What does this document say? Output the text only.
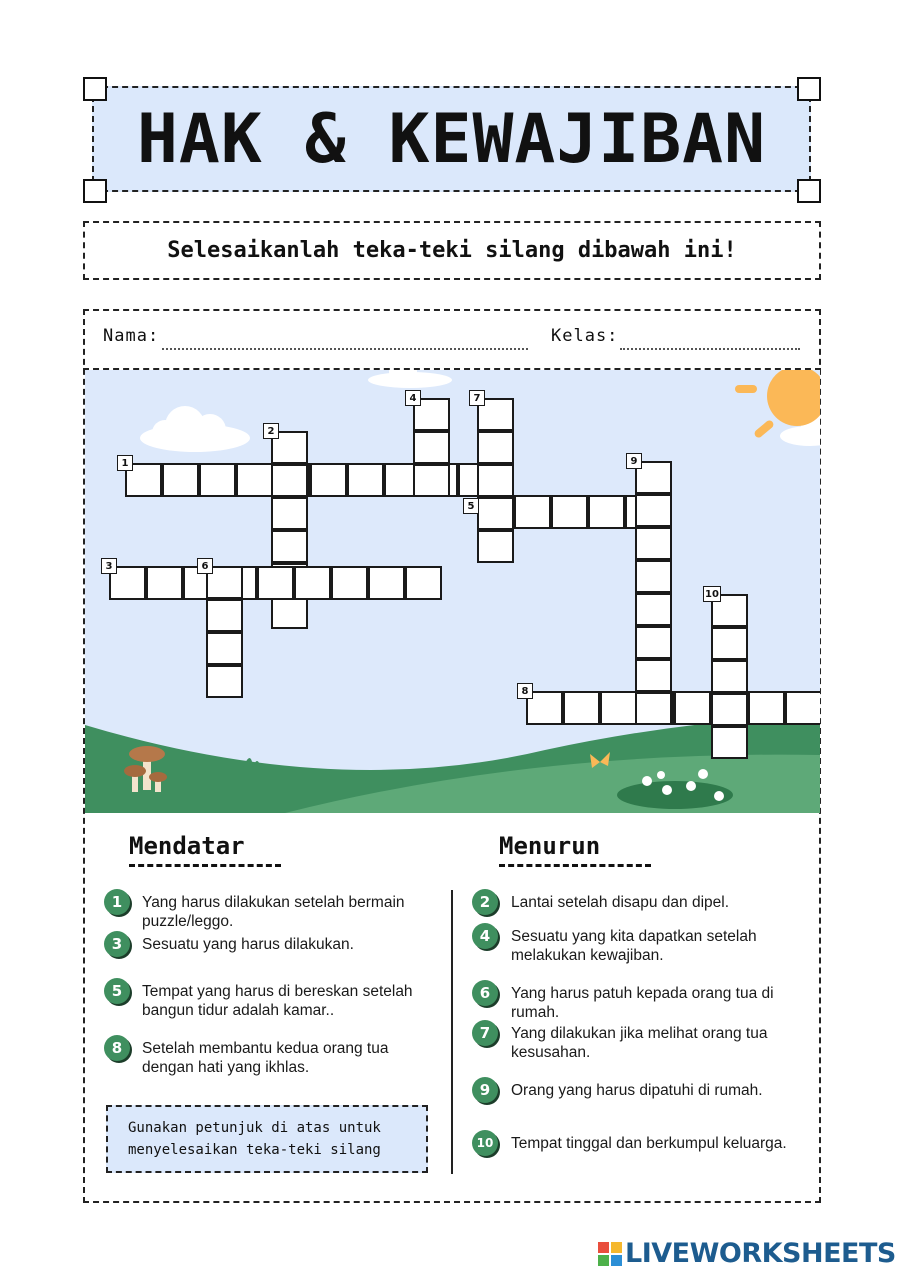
HAK & KEWAJIBAN
Selesaikanlah teka-teki silang dibawah ini!
Nama:	Kelas:
1
2
3
4
5
6
7
8
9
10
Mendatar
1	Yang harus dilakukan setelah bermain puzzle/leggo.
3	Sesuatu yang harus dilakukan.
5	Tempat yang harus di bereskan setelah bangun tidur adalah kamar..
8	Setelah membantu kedua orang tua dengan hati yang ikhlas.
Menurun
2	Lantai setelah disapu dan dipel.
4	Sesuatu yang kita dapatkan setelah melakukan kewajiban.
6	Yang harus patuh kepada orang tua di rumah.
7	Yang dilakukan jika melihat orang tua kesusahan.
9	Orang yang harus dipatuhi di rumah.
10	Tempat tinggal dan berkumpul keluarga.
Gunakan petunjuk di atas untuk menyelesaikan teka-teki silang
LIVEWORKSHEETS
